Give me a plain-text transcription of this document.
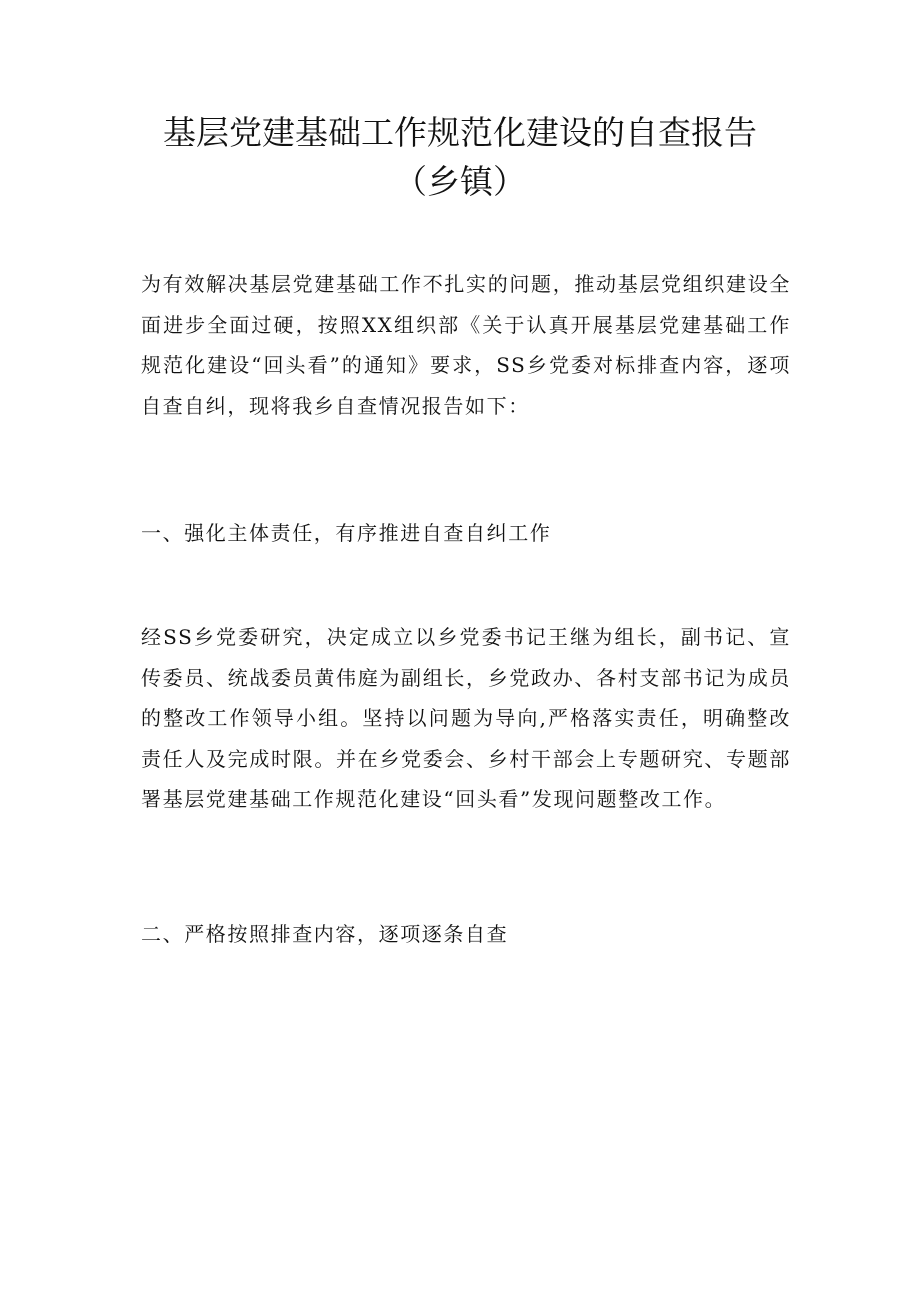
基层党建基础工作规范化建设的自查报告
（乡镇）

为有效解决基层党建基础工作不扎实的问题，推动基层党组织建设全面进步全面过硬，按照XX组织部《关于认真开展基层党建基础工作规范化建设“回头看”的通知》要求，SS乡党委对标排查内容，逐项自查自纠，现将我乡自查情况报告如下：

一、强化主体责任，有序推进自查自纠工作

经SS乡党委研究，决定成立以乡党委书记王继为组长，副书记、宣传委员、统战委员黄伟庭为副组长，乡党政办、各村支部书记为成员的整改工作领导小组。坚持以问题为导向,严格落实责任，明确整改责任人及完成时限。并在乡党委会、乡村干部会上专题研究、专题部署基层党建基础工作规范化建设“回头看”发现问题整改工作。

二、严格按照排查内容，逐项逐条自查
